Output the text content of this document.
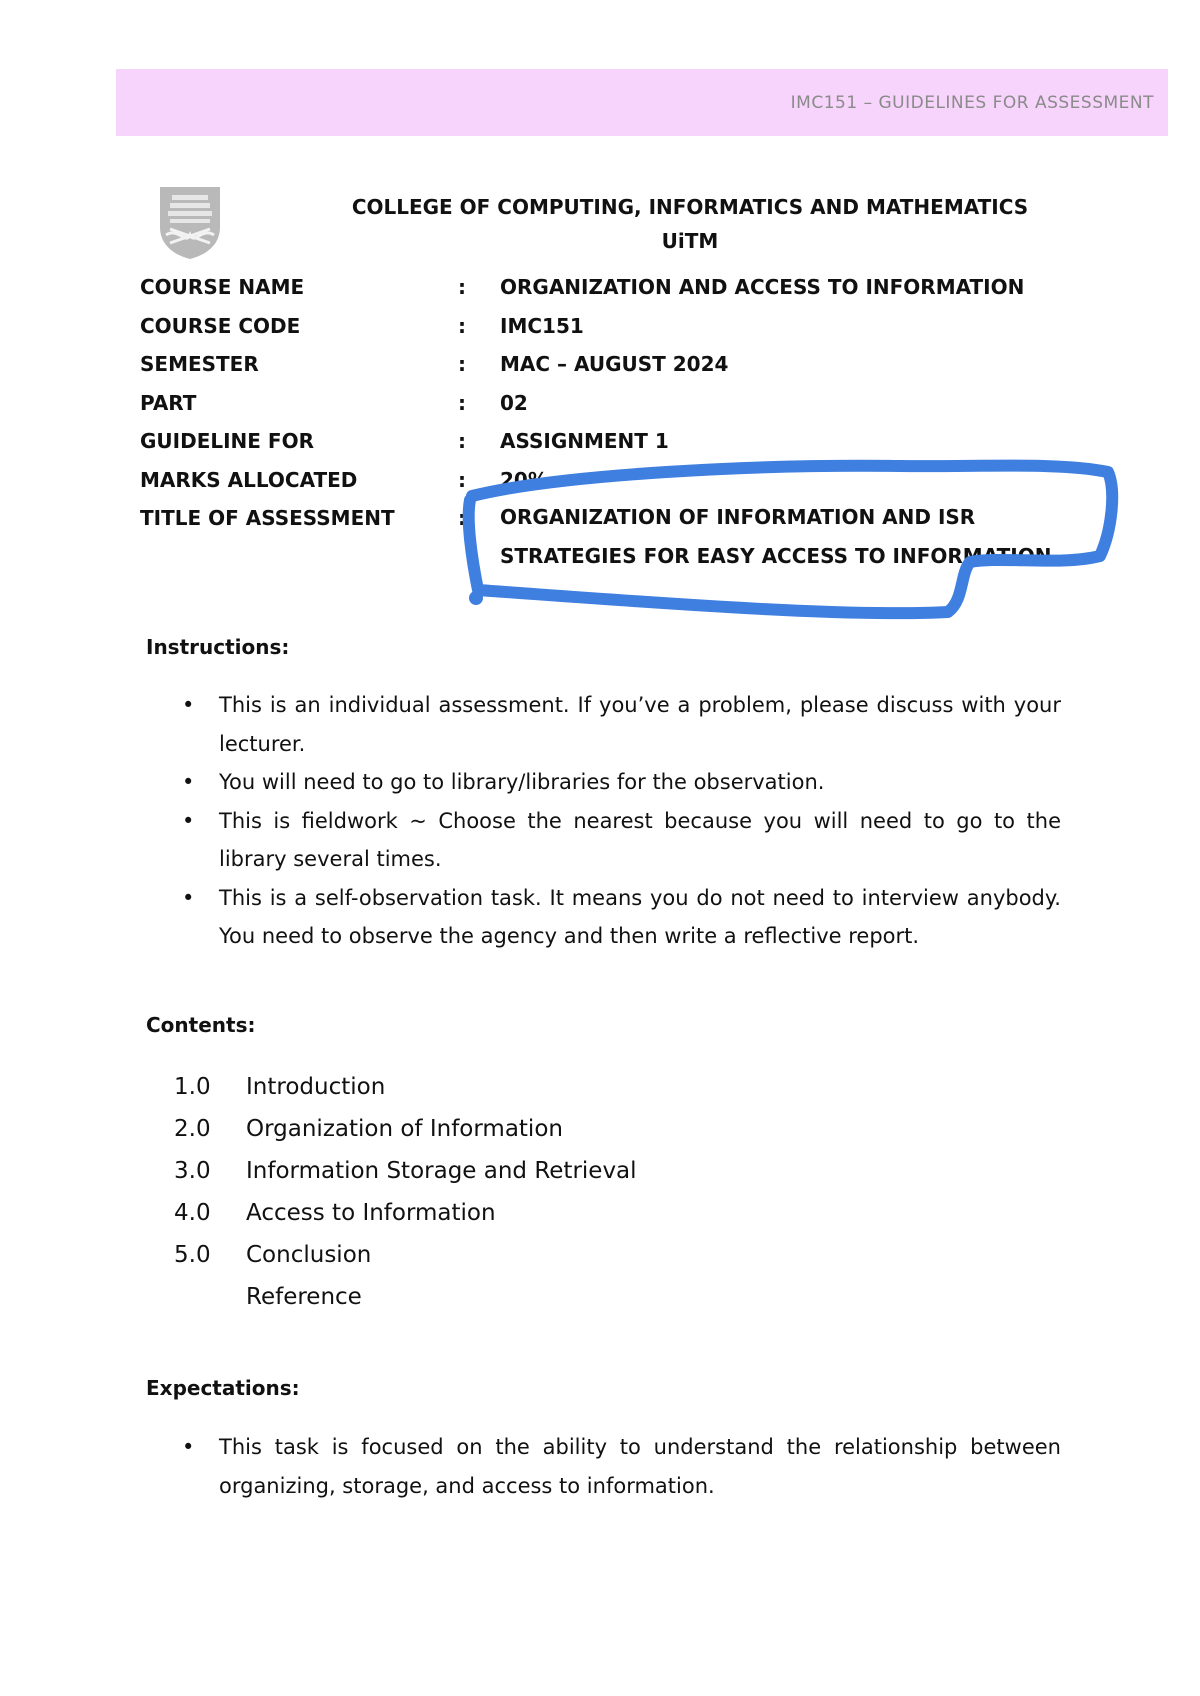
IMC151 – GUIDELINES FOR ASSESSMENT
COLLEGE OF COMPUTING, INFORMATICS AND MATHEMATICS
UiTM
COURSE NAME	: ORGANIZATION AND ACCESS TO INFORMATION
COURSE CODE	: IMC151
SEMESTER	: MAC – AUGUST 2024
PART	: 02
GUIDELINE FOR	: ASSIGNMENT 1
MARKS ALLOCATED	: 20%
TITLE OF ASSESSMENT	: ORGANIZATION OF INFORMATION AND ISR STRATEGIES FOR EASY ACCESS TO INFORMATION
Instructions:
• This is an individual assessment. If you’ve a problem, please discuss with your lecturer.
• You will need to go to library/libraries for the observation.
• This is fieldwork ~ Choose the nearest because you will need to go to the library several times.
• This is a self-observation task. It means you do not need to interview anybody. You need to observe the agency and then write a reflective report.
Contents:
1.0	Introduction
2.0	Organization of Information
3.0	Information Storage and Retrieval
4.0	Access to Information
5.0	Conclusion
Reference
Expectations:
• This task is focused on the ability to understand the relationship between organizing, storage, and access to information.
